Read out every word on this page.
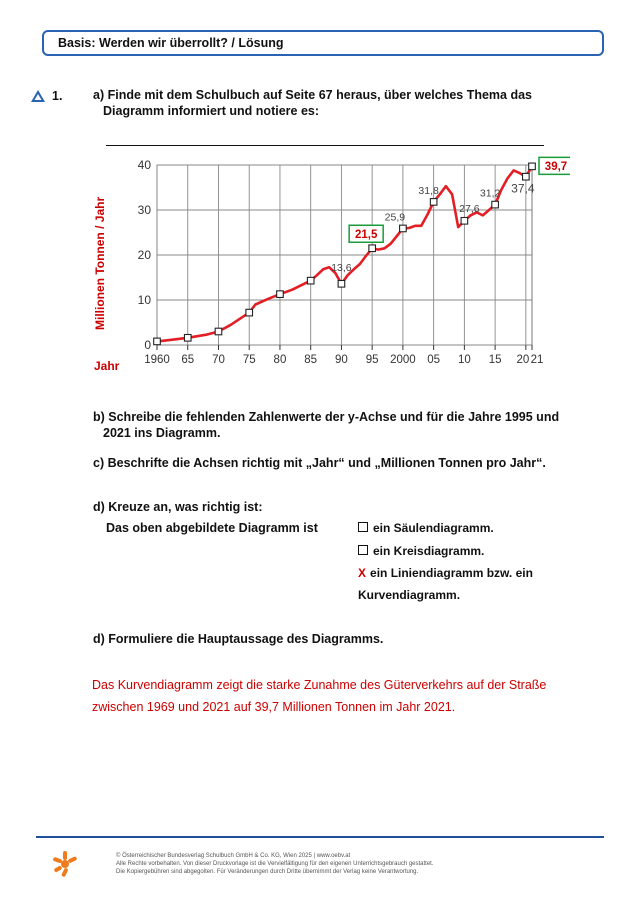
Basis: Werden wir überrollt? / Lösung
1. a) Finde mit dem Schulbuch auf Seite 67 heraus, über welches Thema das
Diagramm informiert und notiere es:
Millionen Tonnen / Jahr
Jahr
0
10
20
30
40
1960 65 70 75 80 85 90 95 2000 05 10 15 20 21
13,6
25,9
31,8
27,6
31,2 37,4
21,5
39,7
b) Schreibe die fehlenden Zahlenwerte der y-Achse und für die Jahre 1995 und
2021 ins Diagramm.
c) Beschrifte die Achsen richtig mit „Jahr“ und „Millionen Tonnen pro Jahr“.
d) Kreuze an, was richtig ist:
Das oben abgebildete Diagramm ist	ein Säulendiagramm.
ein Kreisdiagramm.
X ein Liniendiagramm bzw. ein
Kurvendiagramm.
d) Formuliere die Hauptaussage des Diagramms.
Das Kurvendiagramm zeigt die starke Zunahme des Güterverkehrs auf der Straße
zwischen 1969 und 2021 auf 39,7 Millionen Tonnen im Jahr 2021.
© Österreichischer Bundesverlag Schulbuch GmbH & Co. KG, Wien 2025 | www.oebv.at
Alle Rechte vorbehalten. Von dieser Druckvorlage ist die Vervielfältigung für den eigenen Unterrichtsgebrauch gestattet.
Die Kopiergebühren sind abgegolten. Für Veränderungen durch Dritte übernimmt der Verlag keine Verantwortung.
